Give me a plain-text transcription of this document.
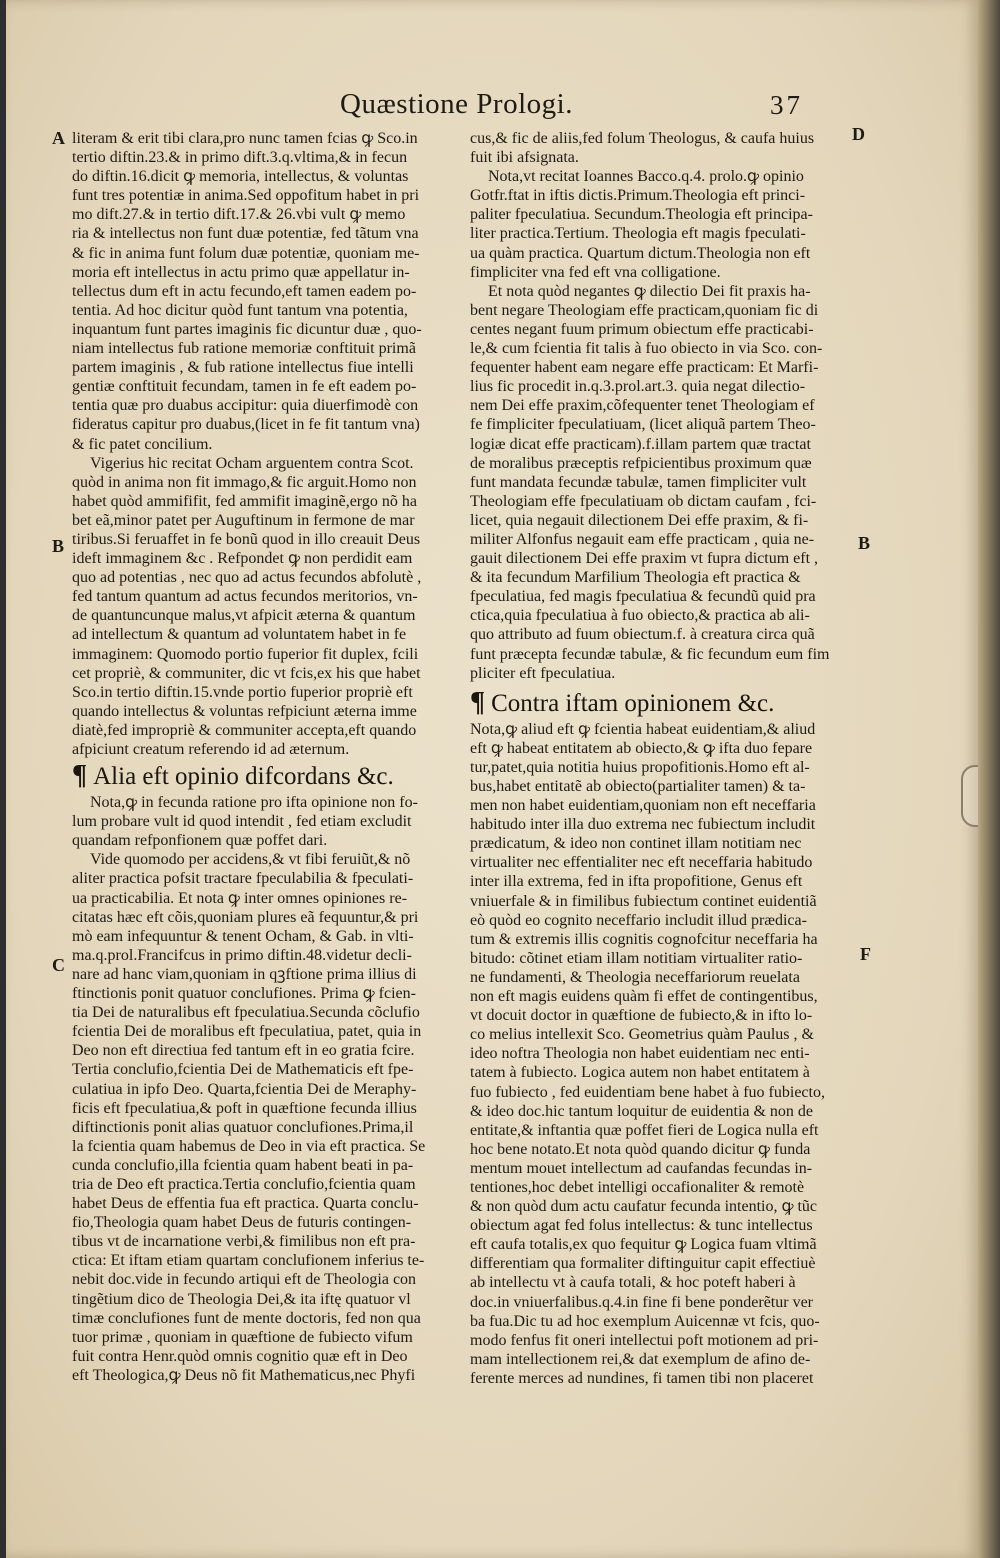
Quæstione Prologi.	37
A
B
C
D
B
F
literam & erit tibi clara,pro nunc tamen fcias ꝙ Sco.in
tertio diftin.23.& in primo dift.3.q.vltima,& in fecun
do diftin.16.dicit ꝙ memoria, intellectus, & voluntas
funt tres potentiæ in anima.Sed oppofitum habet in pri
mo dift.27.& in tertio dift.17.& 26.vbi vult ꝙ memo
ria & intellectus non funt duæ potentiæ, fed tãtum vna
& fic in anima funt folum duæ potentiæ, quoniam me-
moria eft intellectus in actu primo quæ appellatur in-
tellectus dum eft in actu fecundo,eft tamen eadem po-
tentia. Ad hoc dicitur quòd funt tantum vna potentia,
inquantum funt partes imaginis fic dicuntur duæ , quo-
niam intellectus fub ratione memoriæ conftituit primã
partem imaginis , & fub ratione intellectus fiue intelli
gentiæ conftituit fecundam, tamen in fe eft eadem po-
tentia quæ pro duabus accipitur: quia diuerfimodè con
fideratus capitur pro duabus,(licet in fe fit tantum vna)
& fic patet concilium.
Vigerius hic recitat Ocham arguentem contra Scot.
quòd in anima non fit immago,& fic arguit.Homo non
habet quòd ammififit, fed ammifit imaginẽ,ergo nõ ha
bet eã,minor patet per Auguftinum in fermone de mar
tiribus.Si feruaffet in fe bonũ quod in illo creauit Deus
ideft immaginem &c . Refpondet ꝙ non perdidit eam
quo ad potentias , nec quo ad actus fecundos abfolutè ,
fed tantum quantum ad actus fecundos meritorios, vn-
de quantuncunque malus,vt afpicit æterna & quantum
ad intellectum & quantum ad voluntatem habet in fe
immaginem: Quomodo portio fuperior fit duplex, fcili
cet propriè, & communiter, dic vt fcis,ex his que habet
Sco.in tertio diftin.15.vnde portio fuperior propriè eft
quando intellectus & voluntas refpiciunt æterna imme
diatè,fed impropriè & communiter accepta,eft quando
afpiciunt creatum referendo id ad æternum.
¶ Alia eft opinio difcordans &c.
Nota,ꝙ in fecunda ratione pro ifta opinione non fo-
lum probare vult id quod intendit , fed etiam excludit
quandam refponfionem quæ poffet dari.
Vide quomodo per accidens,& vt fibi feruiũt,& nõ
aliter practica pofsit tractare fpeculabilia & fpeculati-
ua practicabilia. Et nota ꝙ inter omnes opiniones re-
citatas hæc eft cõis,quoniam plures eã fequuntur,& pri
mò eam infequuntur & tenent Ocham, & Gab. in vlti-
ma.q.prol.Francifcus in primo diftin.48.videtur decli-
nare ad hanc viam,quoniam in qꝫftione prima illius di
ftinctionis ponit quatuor conclufiones. Prima ꝙ fcien-
tia Dei de naturalibus eft fpeculatiua.Secunda cõclufio
fcientia Dei de moralibus eft fpeculatiua, patet, quia in
Deo non eft directiua fed tantum eft in eo gratia fcire.
Tertia conclufio,fcientia Dei de Mathematicis eft fpe-
culatiua in ipfo Deo. Quarta,fcientia Dei de Meraphy-
ficis eft fpeculatiua,& poft in quæftione fecunda illius
diftinctionis ponit alias quatuor conclufiones.Prima,il
la fcientia quam habemus de Deo in via eft practica. Se
cunda conclufio,illa fcientia quam habent beati in pa-
tria de Deo eft practica.Tertia conclufio,fcientia quam
habet Deus de effentia fua eft practica. Quarta conclu-
fio,Theologia quam habet Deus de futuris contingen-
tibus vt de incarnatione verbi,& fimilibus non eft pra-
ctica: Et iftam etiam quartam conclufionem inferius te-
nebit doc.vide in fecundo artiqui eft de Theologia con
tingẽtium dico de Theologia Dei,& ita iftę quatuor vl
timæ conclufiones funt de mente doctoris, fed non qua
tuor primæ , quoniam in quæftione de fubiecto vifum
fuit contra Henr.quòd omnis cognitio quæ eft in Deo
eft Theologica,ꝙ Deus nõ fit Mathematicus,nec Phyfi
cus,& fic de aliis,fed folum Theologus, & caufa huius
fuit ibi afsignata.
Nota,vt recitat Ioannes Bacco.q.4. prolo.ꝙ opinio
Gotfr.ftat in iftis dictis.Primum.Theologia eft princi-
paliter fpeculatiua. Secundum.Theologia eft principa-
liter practica.Tertium. Theologia eft magis fpeculati-
ua quàm practica. Quartum dictum.Theologia non eft
fimpliciter vna fed eft vna colligatione.
Et nota quòd negantes ꝙ dilectio Dei fit praxis ha-
bent negare Theologiam effe practicam,quoniam fic di
centes negant fuum primum obiectum effe practicabi-
le,& cum fcientia fit talis à fuo obiecto in via Sco. con-
fequenter habent eam negare effe practicam: Et Marfi-
lius fic procedit in.q.3.prol.art.3. quia negat dilectio-
nem Dei effe praxim,cõfequenter tenet Theologiam ef
fe fimpliciter fpeculatiuam, (licet aliquã partem Theo-
logiæ dicat effe practicam).f.illam partem quæ tractat
de moralibus præceptis refpicientibus proximum quæ
funt mandata fecundæ tabulæ, tamen fimpliciter vult
Theologiam effe fpeculatiuam ob dictam caufam , fci-
licet, quia negauit dilectionem Dei effe praxim, & fi-
militer Alfonfus negauit eam effe practicam , quia ne-
gauit dilectionem Dei effe praxim vt fupra dictum eft ,
& ita fecundum Marfilium Theologia eft practica &
fpeculatiua, fed magis fpeculatiua & fecundũ quid pra
ctica,quia fpeculatiua à fuo obiecto,& practica ab ali-
quo attributo ad fuum obiectum.f. à creatura circa quã
funt præcepta fecundæ tabulæ, & fic fecundum eum fim
pliciter eft fpeculatiua.
¶ Contra iftam opinionem &c.
Nota,ꝙ aliud eft ꝙ fcientia habeat euidentiam,& aliud
eft ꝙ habeat entitatem ab obiecto,& ꝙ ifta duo fepare
tur,patet,quia notitia huius propofitionis.Homo eft al-
bus,habet entitatẽ ab obiecto(partialiter tamen) & ta-
men non habet euidentiam,quoniam non eft neceffaria
habitudo inter illa duo extrema nec fubiectum includit
prædicatum, & ideo non continet illam notitiam nec
virtualiter nec effentialiter nec eft neceffaria habitudo
inter illa extrema, fed in ifta propofitione, Genus eft
vniuerfale & in fimilibus fubiectum continet euidentiã
eò quòd eo cognito neceffario includit illud prædica-
tum & extremis illis cognitis cognofcitur neceffaria ha
bitudo: cõtinet etiam illam notitiam virtualiter ratio-
ne fundamenti, & Theologia neceffariorum reuelata
non eft magis euidens quàm fi effet de contingentibus,
vt docuit doctor in quæftione de fubiecto,& in ifto lo-
co melius intellexit Sco. Geometrius quàm Paulus , &
ideo noftra Theologia non habet euidentiam nec enti-
tatem à fubiecto. Logica autem non habet entitatem à
fuo fubiecto , fed euidentiam bene habet à fuo fubiecto,
& ideo doc.hic tantum loquitur de euidentia & non de
entitate,& inftantia quæ poffet fieri de Logica nulla eft
hoc bene notato.Et nota quòd quando dicitur ꝙ funda
mentum mouet intellectum ad caufandas fecundas in-
tentiones,hoc debet intelligi occafionaliter & remotè
& non quòd dum actu caufatur fecunda intentio, ꝙ tũc
obiectum agat fed folus intellectus: & tunc intellectus
eft caufa totalis,ex quo fequitur ꝙ Logica fuam vltimã
differentiam qua formaliter diftinguitur capit effectiuè
ab intellectu vt à caufa totali, & hoc poteft haberi à
doc.in vniuerfalibus.q.4.in fine fi bene ponderẽtur ver
ba fua.Dic tu ad hoc exemplum Auicennæ vt fcis, quo-
modo fenfus fit oneri intellectui poft motionem ad pri-
mam intellectionem rei,& dat exemplum de afino de-
ferente merces ad nundines, fi tamen tibi non placeret
